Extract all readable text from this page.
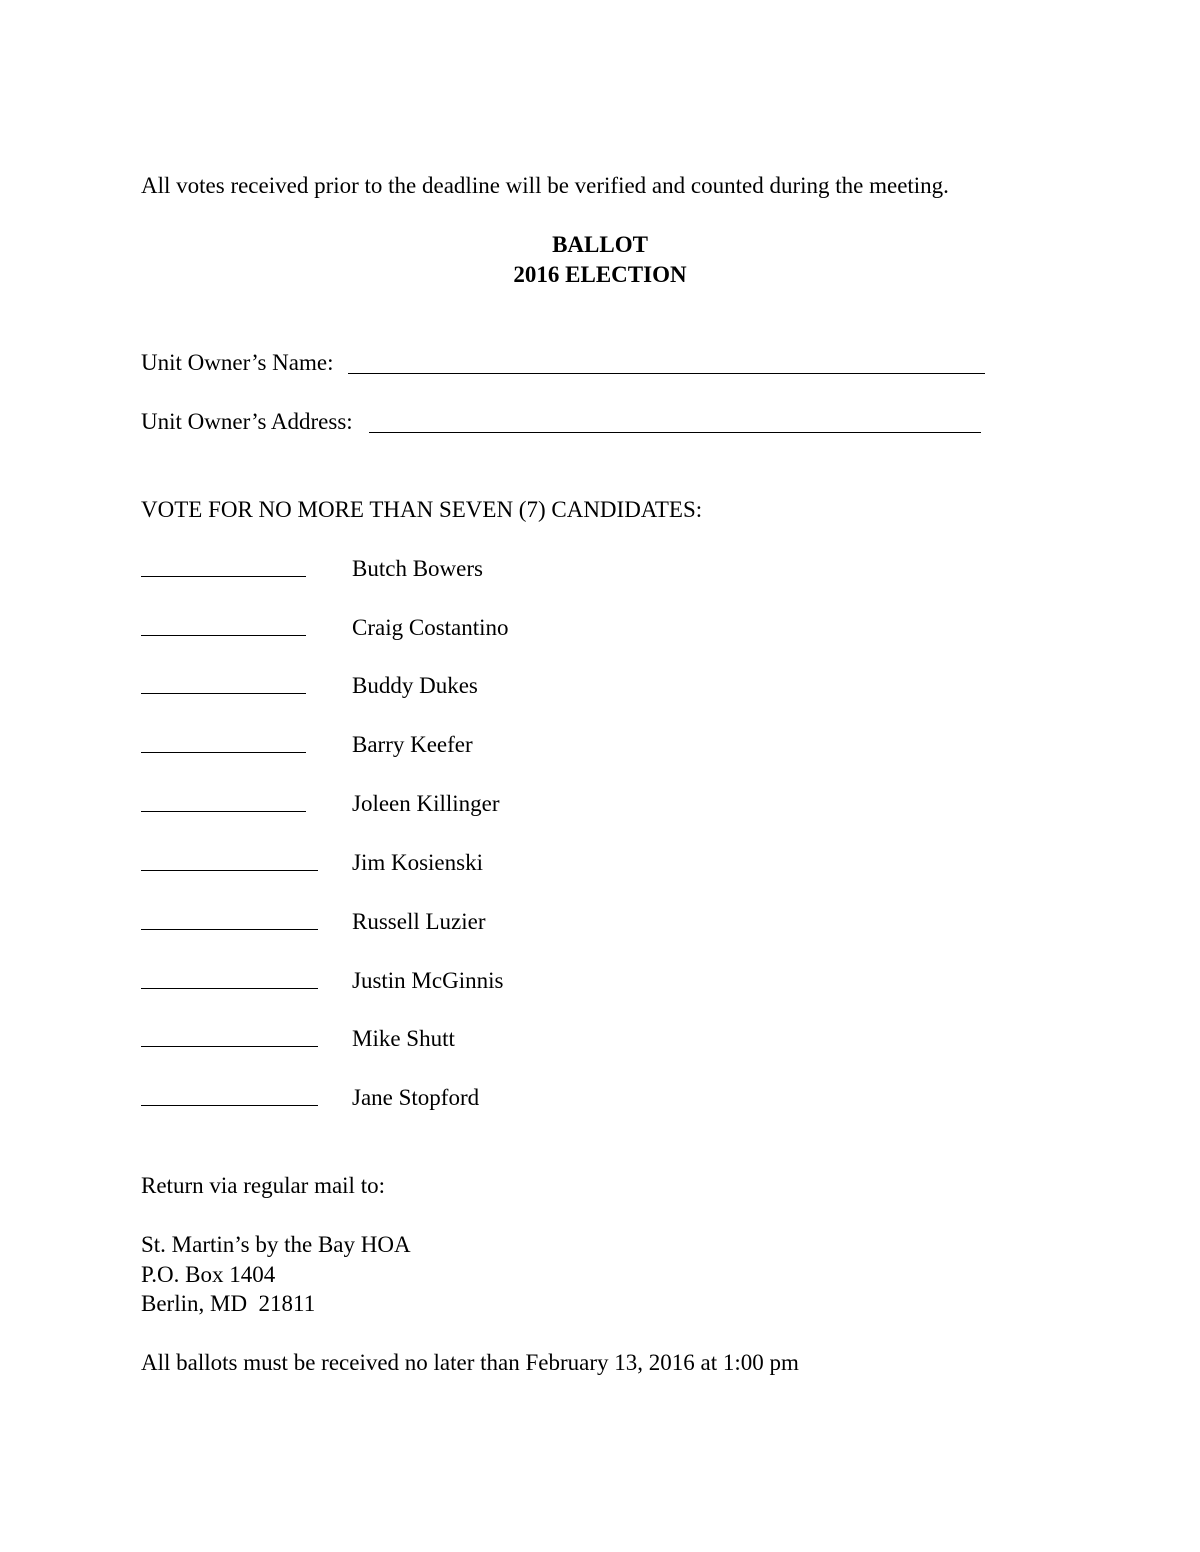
All votes received prior to the deadline will be verified and counted during the meeting.
BALLOT
2016 ELECTION
Unit Owner’s Name:
Unit Owner’s Address:
VOTE FOR NO MORE THAN SEVEN (7) CANDIDATES:
Butch Bowers
Craig Costantino
Buddy Dukes
Barry Keefer
Joleen Killinger
Jim Kosienski
Russell Luzier
Justin McGinnis
Mike Shutt
Jane Stopford
Return via regular mail to:
St. Martin’s by the Bay HOA
P.O. Box 1404
Berlin, MD  21811
All ballots must be received no later than February 13, 2016 at 1:00 pm
